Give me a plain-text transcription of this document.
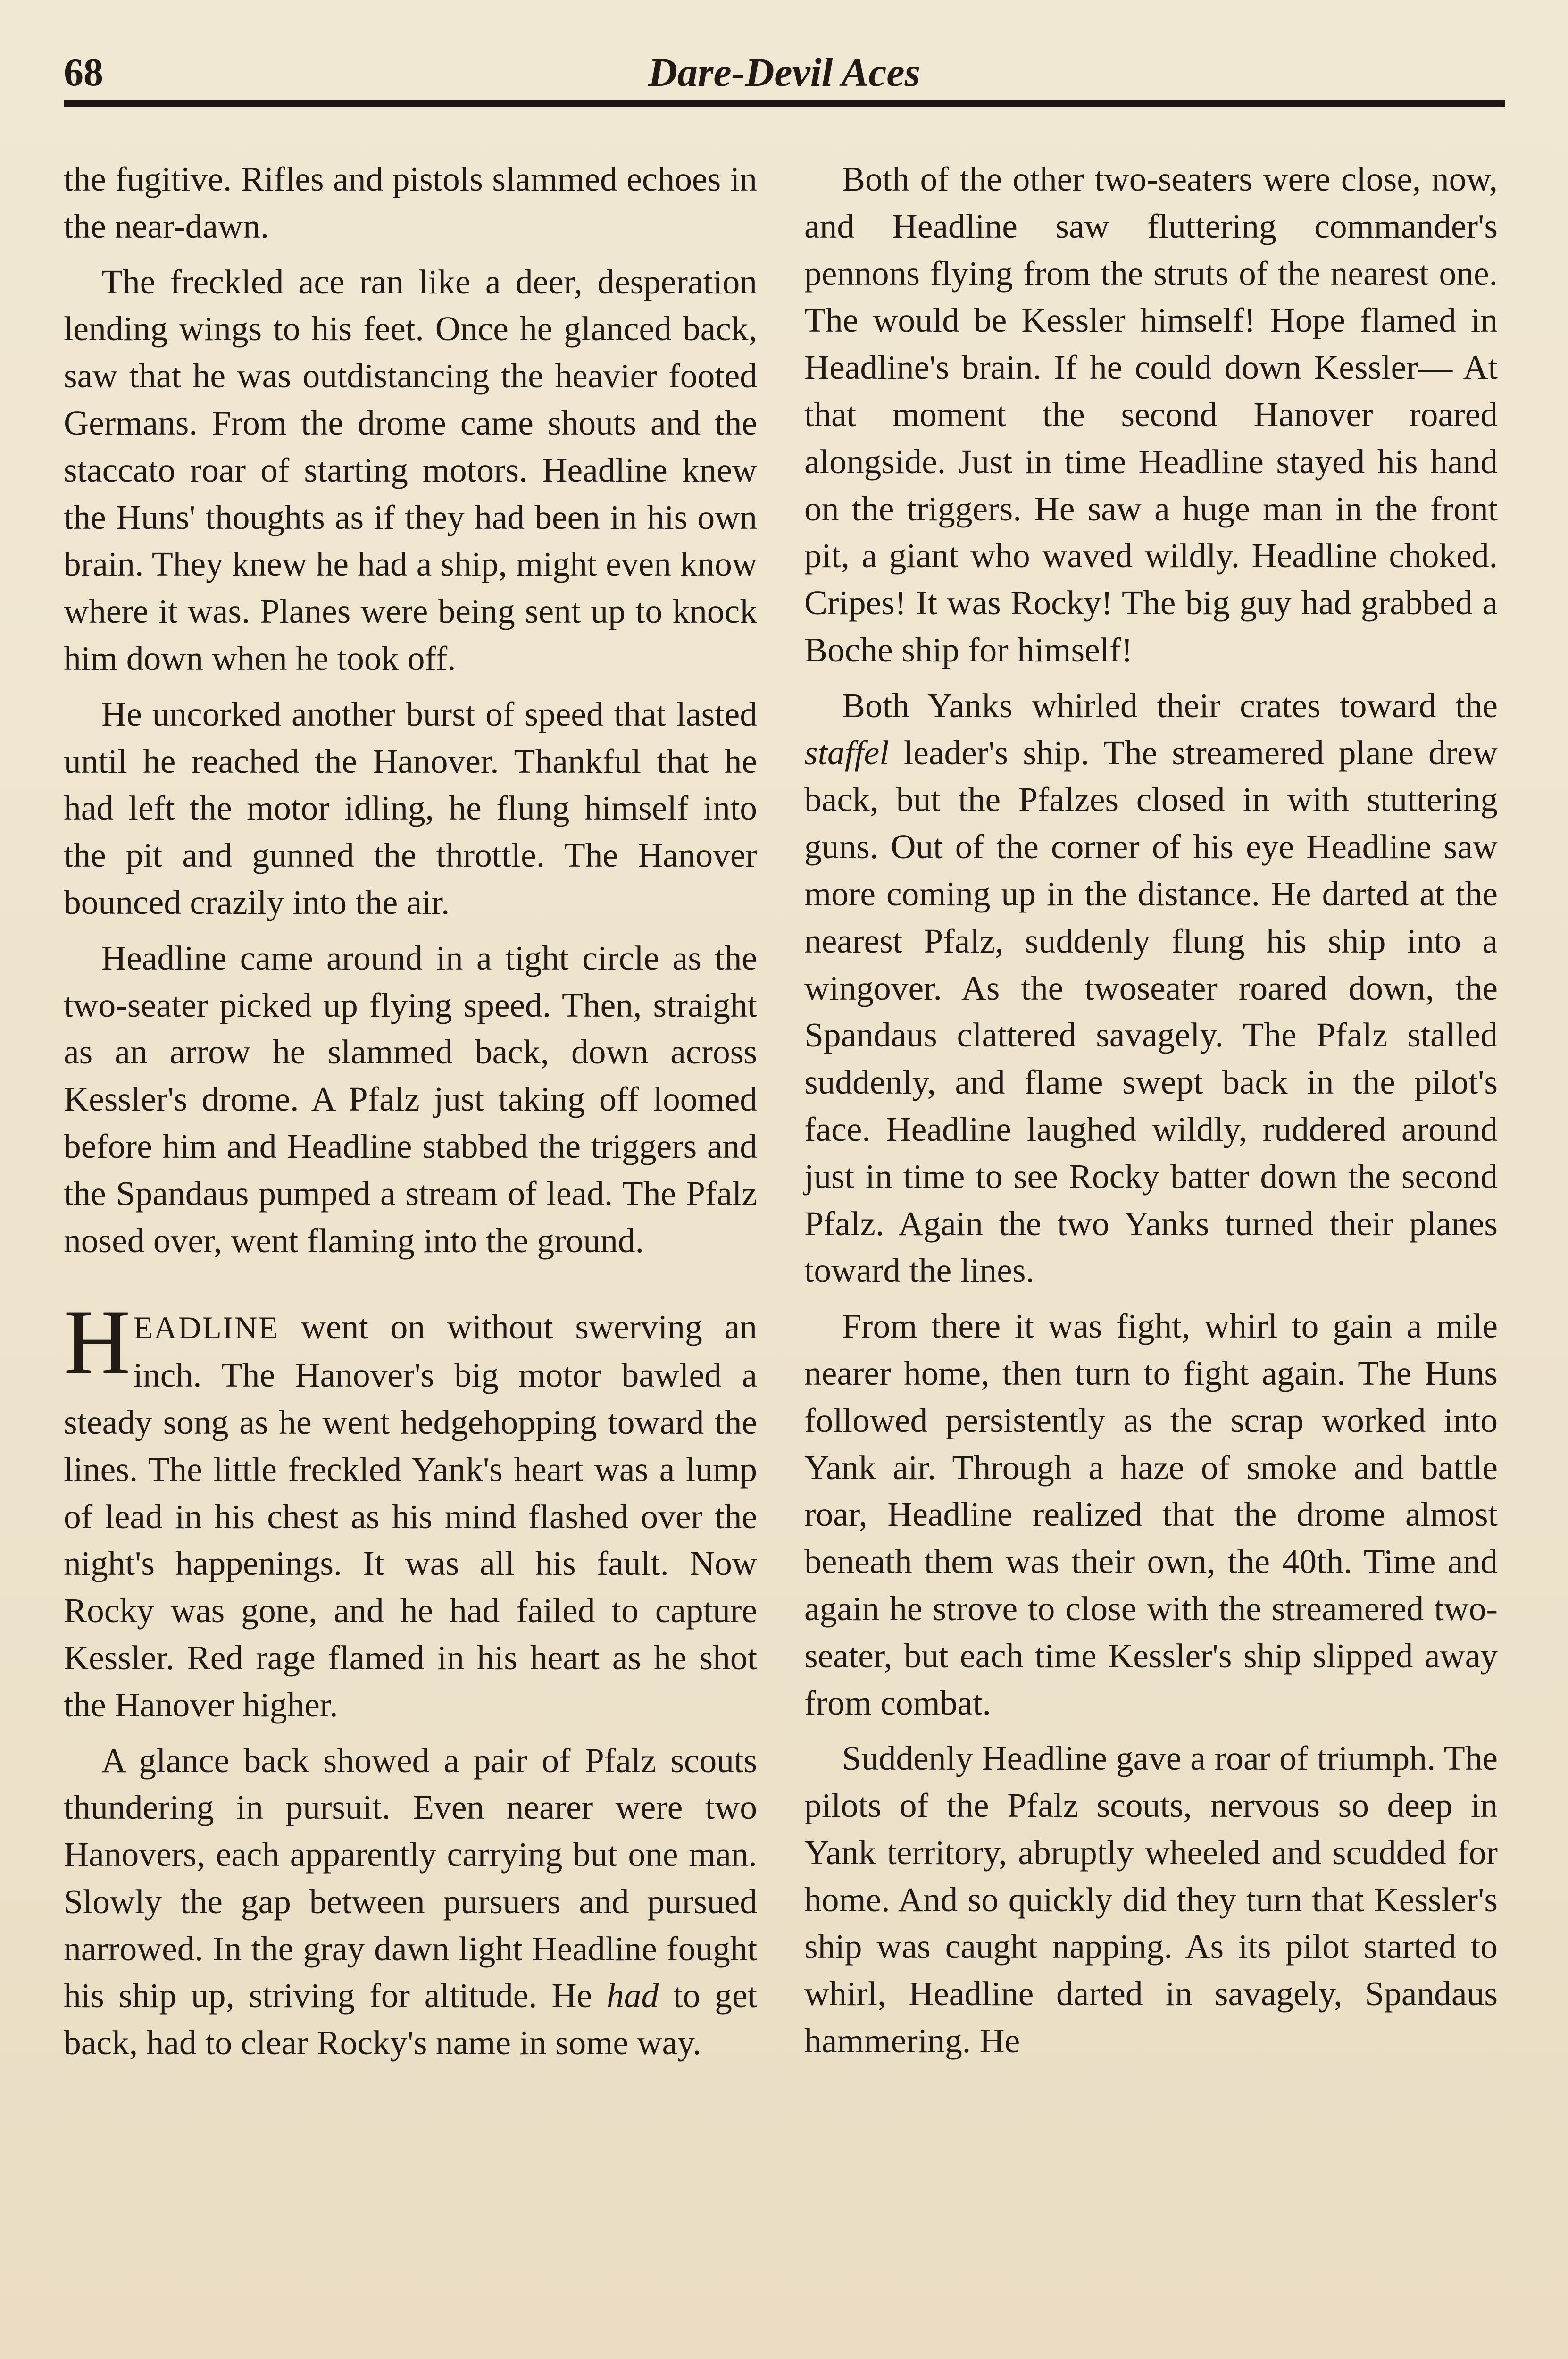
68	Dare-Devil Aces

the fugitive. Rifles and pistols slammed echoes in the near-dawn.

The freckled ace ran like a deer, desperation lending wings to his feet. Once he glanced back, saw that he was outdistancing the heavier footed Germans. From the drome came shouts and the staccato roar of starting motors. Headline knew the Huns' thoughts as if they had been in his own brain. They knew he had a ship, might even know where it was. Planes were being sent up to knock him down when he took off.

He uncorked another burst of speed that lasted until he reached the Hanover. Thankful that he had left the motor idling, he flung himself into the pit and gunned the throttle. The Hanover bounced crazily into the air.

Headline came around in a tight circle as the two-seater picked up flying speed. Then, straight as an arrow he slammed back, down across Kessler's drome. A Pfalz just taking off loomed before him and Headline stabbed the triggers and the Spandaus pumped a stream of lead. The Pfalz nosed over, went flaming into the ground.

HEADLINE went on without swerving an inch. The Hanover's big motor bawled a steady song as he went hedgehopping toward the lines. The little freckled Yank's heart was a lump of lead in his chest as his mind flashed over the night's happenings. It was all his fault. Now Rocky was gone, and he had failed to capture Kessler. Red rage flamed in his heart as he shot the Hanover higher.

A glance back showed a pair of Pfalz scouts thundering in pursuit. Even nearer were two Hanovers, each apparently carrying but one man. Slowly the gap between pursuers and pursued narrowed. In the gray dawn light Headline fought his ship up, striving for altitude. He had to get back, had to clear Rocky's name in some way.

Both of the other two-seaters were close, now, and Headline saw fluttering commander's pennons flying from the struts of the nearest one. The would be Kessler himself! Hope flamed in Headline's brain. If he could down Kessler— At that moment the second Hanover roared alongside. Just in time Headline stayed his hand on the triggers. He saw a huge man in the front pit, a giant who waved wildly. Headline choked. Cripes! It was Rocky! The big guy had grabbed a Boche ship for himself!

Both Yanks whirled their crates toward the staffel leader's ship. The streamered plane drew back, but the Pfalzes closed in with stuttering guns. Out of the corner of his eye Headline saw more coming up in the distance. He darted at the nearest Pfalz, suddenly flung his ship into a wingover. As the twoseater roared down, the Spandaus clattered savagely. The Pfalz stalled suddenly, and flame swept back in the pilot's face. Headline laughed wildly, ruddered around just in time to see Rocky batter down the second Pfalz. Again the two Yanks turned their planes toward the lines.

From there it was fight, whirl to gain a mile nearer home, then turn to fight again. The Huns followed persistently as the scrap worked into Yank air. Through a haze of smoke and battle roar, Headline realized that the drome almost beneath them was their own, the 40th. Time and again he strove to close with the streamered two-seater, but each time Kessler's ship slipped away from combat.

Suddenly Headline gave a roar of triumph. The pilots of the Pfalz scouts, nervous so deep in Yank territory, abruptly wheeled and scudded for home. And so quickly did they turn that Kessler's ship was caught napping. As its pilot started to whirl, Headline darted in savagely, Spandaus hammering. He
